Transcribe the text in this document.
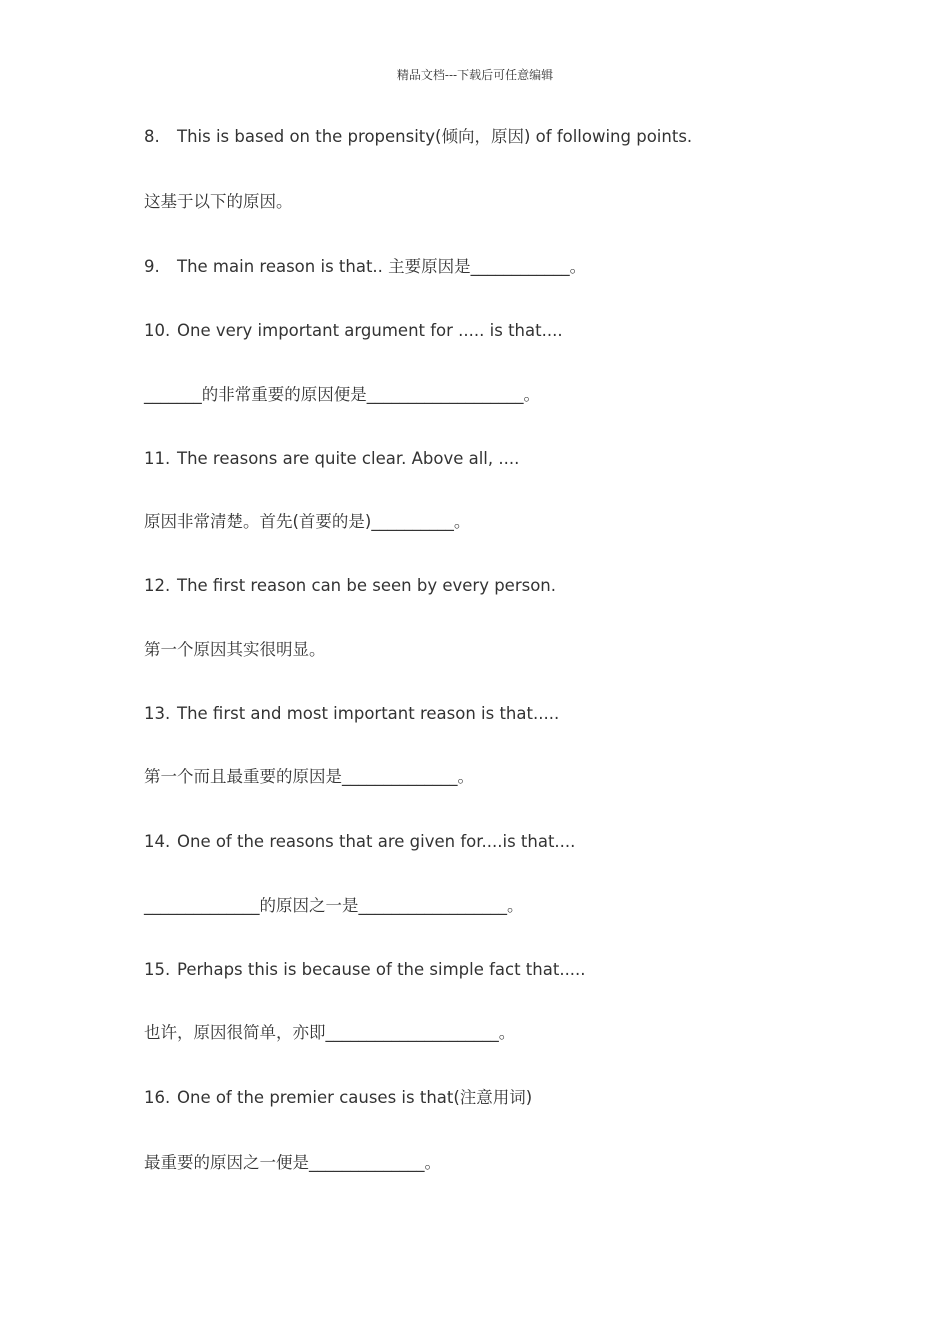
精品文档---下载后可任意编辑
8. This is based on the propensity(倾向，原因) of following points.
这基于以下的原因。
9. The main reason is that.. 主要原因是____________。
10. One very important argument for ..... is that....
_______的非常重要的原因便是___________________。
11. The reasons are quite clear. Above all, ....
原因非常清楚。首先(首要的是)__________。
12. The first reason can be seen by every person.
第一个原因其实很明显。
13. The first and most important reason is that.....
第一个而且最重要的原因是______________。
14. One of the reasons that are given for....is that....
______________的原因之一是__________________。
15. Perhaps this is because of the simple fact that.....
也许，原因很简单，亦即_____________________。
16. One of the premier causes is that(注意用词)
最重要的原因之一便是______________。
